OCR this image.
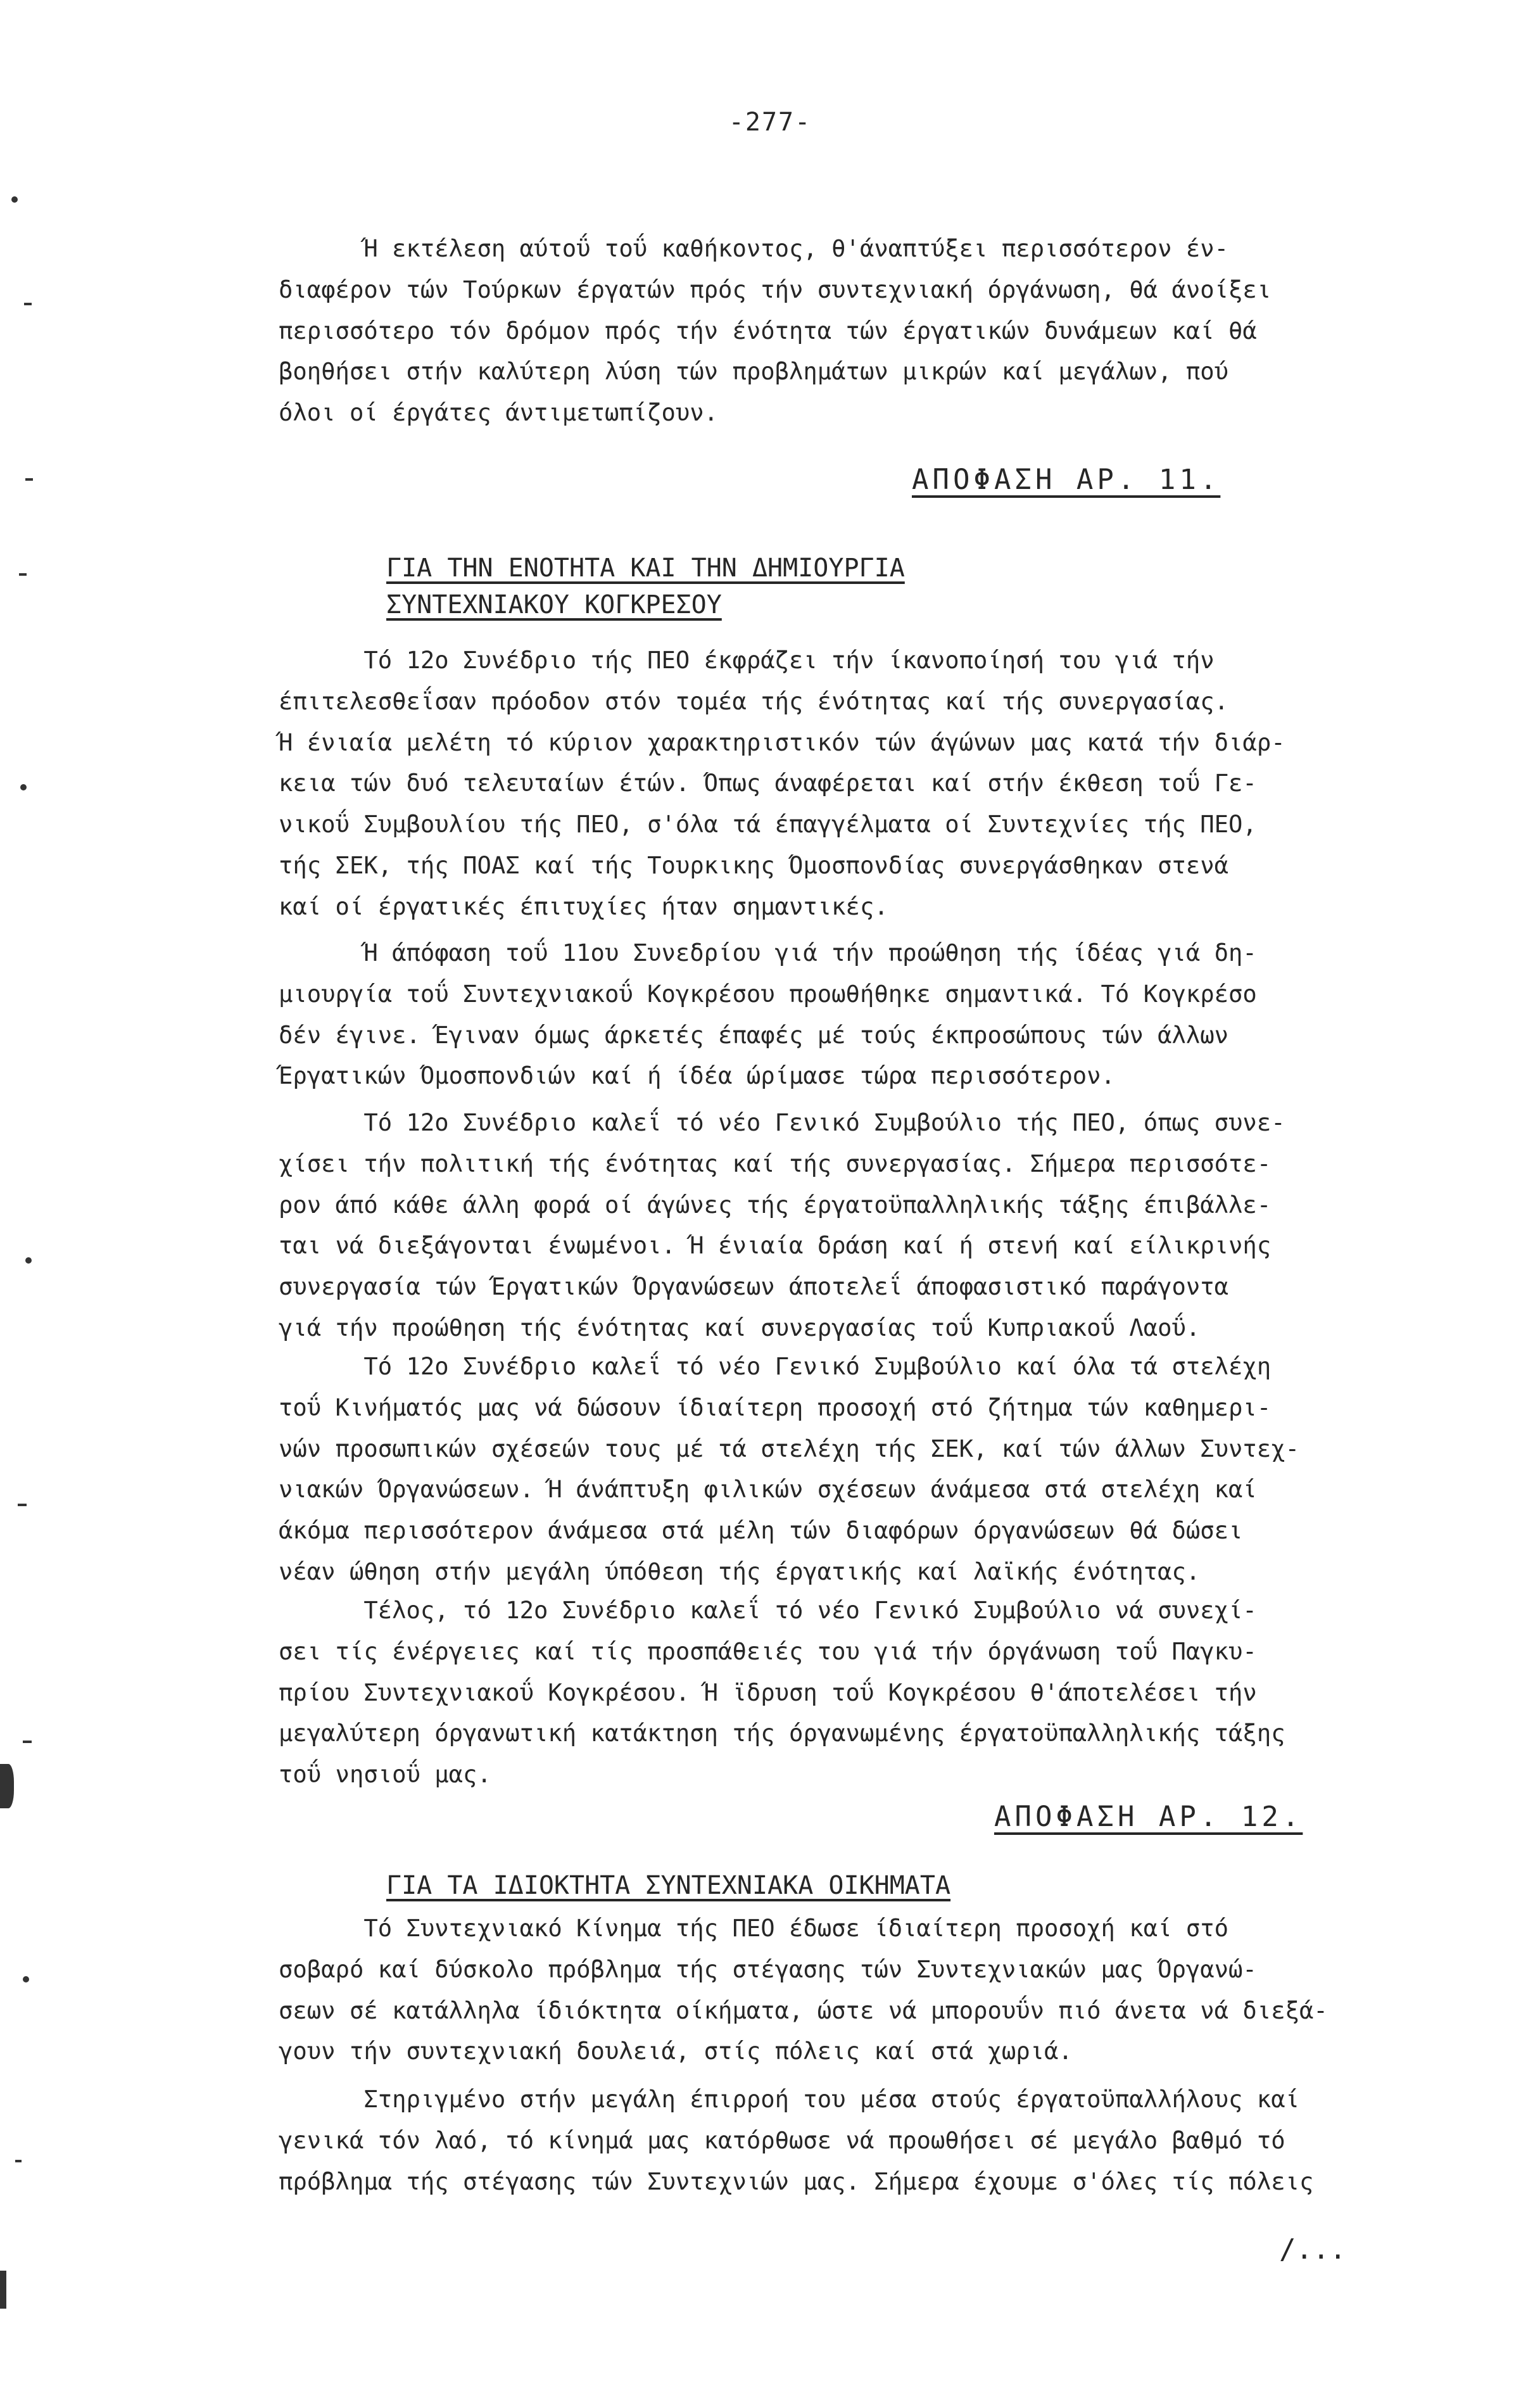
-277-
Ή εκτέλεση αύτοΰ τοΰ καθήκοντος, θ'άναπτύξει περισσότερον έν-
διαφέρον τών Τούρκων έργατών πρός τήν συντεχνιακή όργάνωση, θά άνοίξει
περισσότερο τόν δρόμον πρός τήν ένότητα τών έργατικών δυνάμεων καί θά
βοηθήσει στήν καλύτερη λύση τών προβλημάτων μικρών καί μεγάλων, πού
όλοι οί έργάτες άντιμετωπίζουν.
ΑΠΟΦΑΣΗ ΑΡ. 11.
ΓΙΑ ΤΗΝ ΕΝΟΤΗΤΑ ΚΑΙ ΤΗΝ ΔΗΜΙΟΥΡΓΙΑ
ΣΥΝΤΕΧΝΙΑΚΟΥ ΚΟΓΚΡΕΣΟΥ
Τό 12ο Συνέδριο τής ΠΕΟ έκφράζει τήν ίκανοποίησή του γιά τήν
έπιτελεσθεΐσαν πρόοδον στόν τομέα τής ένότητας καί τής συνεργασίας.
Ή ένιαία μελέτη τό κύριον χαρακτηριστικόν τών άγώνων μας κατά τήν διάρ-
κεια τών δυό τελευταίων έτών. Όπως άναφέρεται καί στήν έκθεση τοΰ Γε-
νικοΰ Συμβουλίου τής ΠΕΟ, σ'όλα τά έπαγγέλματα οί Συντεχνίες τής ΠΕΟ,
τής ΣΕΚ, τής ΠΟΑΣ καί τής Τουρκικης Όμοσπονδίας συνεργάσθηκαν στενά
καί οί έργατικές έπιτυχίες ήταν σημαντικές.
Ή άπόφαση τοΰ 11ου Συνεδρίου γιά τήν προώθηση τής ίδέας γιά δη-
μιουργία τοΰ Συντεχνιακοΰ Κογκρέσου προωθήθηκε σημαντικά. Τό Κογκρέσο
δέν έγινε. Έγιναν όμως άρκετές έπαφές μέ τούς έκπροσώπους τών άλλων
Έργατικών Όμοσπονδιών καί ή ίδέα ώρίμασε τώρα περισσότερον.
Τό 12ο Συνέδριο καλεΐ τό νέο Γενικό Συμβούλιο τής ΠΕΟ, όπως συνε-
χίσει τήν πολιτική τής ένότητας καί τής συνεργασίας. Σήμερα περισσότε-
ρον άπό κάθε άλλη φορά οί άγώνες τής έργατοϋπαλληλικής τάξης έπιβάλλε-
ται νά διεξάγονται ένωμένοι. Ή ένιαία δράση καί ή στενή καί είλικρινής
συνεργασία τών Έργατικών Όργανώσεων άποτελεΐ άποφασιστικό παράγοντα
γιά τήν προώθηση τής ένότητας καί συνεργασίας τοΰ Κυπριακοΰ Λαοΰ.
Τό 12ο Συνέδριο καλεΐ τό νέο Γενικό Συμβούλιο καί όλα τά στελέχη
τοΰ Κινήματός μας νά δώσουν ίδιαίτερη προσοχή στό ζήτημα τών καθημερι-
νών προσωπικών σχέσεών τους μέ τά στελέχη τής ΣΕΚ, καί τών άλλων Συντεχ-
νιακών Όργανώσεων. Ή άνάπτυξη φιλικών σχέσεων άνάμεσα στά στελέχη καί
άκόμα περισσότερον άνάμεσα στά μέλη τών διαφόρων όργανώσεων θά δώσει
νέαν ώθηση στήν μεγάλη ύπόθεση τής έργατικής καί λαϊκής ένότητας.
Τέλος, τό 12ο Συνέδριο καλεΐ τό νέο Γενικό Συμβούλιο νά συνεχί-
σει τίς ένέργειες καί τίς προσπάθειές του γιά τήν όργάνωση τοΰ Παγκυ-
πρίου Συντεχνιακοΰ Κογκρέσου. Ή ϊδρυση τοΰ Κογκρέσου θ'άποτελέσει τήν
μεγαλύτερη όργανωτική κατάκτηση τής όργανωμένης έργατοϋπαλληλικής τάξης
τοΰ νησιοΰ μας.
ΑΠΟΦΑΣΗ ΑΡ. 12.
ΓΙΑ ΤΑ ΙΔΙΟΚΤΗΤΑ ΣΥΝΤΕΧΝΙΑΚΑ ΟΙΚΗΜΑΤΑ
Τό Συντεχνιακό Κίνημα τής ΠΕΟ έδωσε ίδιαίτερη προσοχή καί στό
σοβαρό καί δύσκολο πρόβλημα τής στέγασης τών Συντεχνιακών μας Όργανώ-
σεων σέ κατάλληλα ίδιόκτητα οίκήματα, ώστε νά μπορουΰν πιό άνετα νά διεξά-
γουν τήν συντεχνιακή δουλειά, στίς πόλεις καί στά χωριά.
Στηριγμένο στήν μεγάλη έπιρροή του μέσα στούς έργατοϋπαλλήλους καί
γενικά τόν λαό, τό κίνημά μας κατόρθωσε νά προωθήσει σέ μεγάλο βαθμό τό
πρόβλημα τής στέγασης τών Συντεχνιών μας. Σήμερα έχουμε σ'όλες τίς πόλεις
/...
